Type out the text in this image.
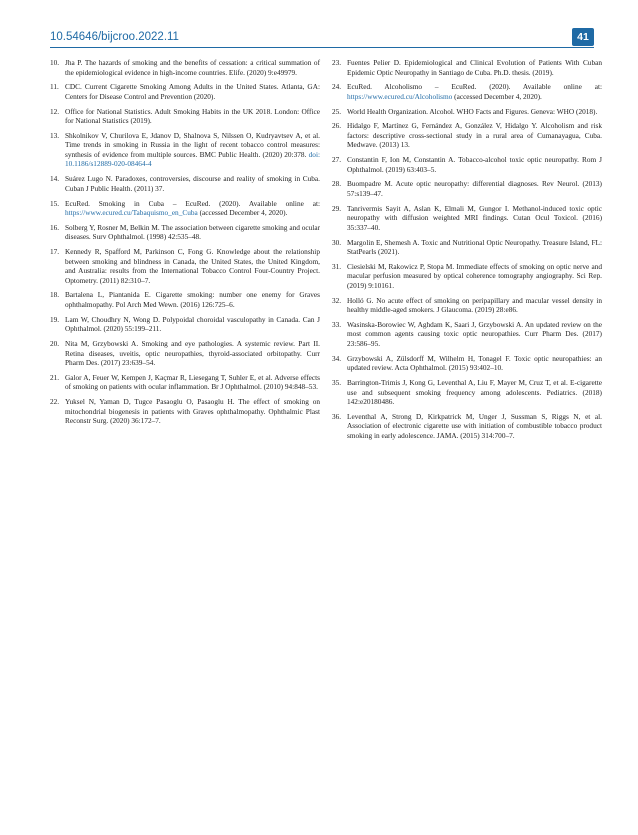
10.54646/bijcroo.2022.11	41
10. Jha P. The hazards of smoking and the benefits of cessation: a critical summation of the epidemiological evidence in high-income countries. Elife. (2020) 9:e49979.
11. CDC. Current Cigarette Smoking Among Adults in the United States. Atlanta, GA: Centers for Disease Control and Prevention (2020).
12. Office for National Statistics. Adult Smoking Habits in the UK 2018. London: Office for National Statistics (2019).
13. Shkolnikov V, Churilova E, Jdanov D, Shalnova S, Nilssen O, Kudryavtsev A, et al. Time trends in smoking in Russia in the light of recent tobacco control measures: synthesis of evidence from multiple sources. BMC Public Health. (2020) 20:378. doi: 10.1186/s12889-020-08464-4
14. Suárez Lugo N. Paradoxes, controversies, discourse and reality of smoking in Cuba. Cuban J Public Health. (2011) 37.
15. EcuRed. Smoking in Cuba – EcuRed. (2020). Available online at: https://www.ecured.cu/Tabaquismo_en_Cuba (accessed December 4, 2020).
16. Solberg Y, Rosner M, Belkin M. The association between cigarette smoking and ocular diseases. Surv Ophthalmol. (1998) 42:535–48.
17. Kennedy R, Spafford M, Parkinson C, Fong G. Knowledge about the relationship between smoking and blindness in Canada, the United States, the United Kingdom, and Australia: results from the International Tobacco Control Four-Country Project. Optometry. (2011) 82:310–7.
18. Bartalena L, Piantanida E. Cigarette smoking: number one enemy for Graves ophthalmopathy. Pol Arch Med Wewn. (2016) 126:725–6.
19. Lam W, Choudhry N, Wong D. Polypoidal choroidal vasculopathy in Canada. Can J Ophthalmol. (2020) 55:199–211.
20. Nita M, Grzybowski A. Smoking and eye pathologies. A systemic review. Part II. Retina diseases, uveitis, optic neuropathies, thyroid-associated orbitopathy. Curr Pharm Des. (2017) 23:639–54.
21. Galor A, Feuer W, Kempen J, Kaçmar R, Liesegang T, Suhler E, et al. Adverse effects of smoking on patients with ocular inflammation. Br J Ophthalmol. (2010) 94:848–53.
22. Yuksel N, Yaman D, Tugce Pasaoglu O, Pasaoglu H. The effect of smoking on mitochondrial biogenesis in patients with Graves ophthalmopathy. Ophthalmic Plast Reconstr Surg. (2020) 36:172–7.
23. Fuentes Pelier D. Epidemiological and Clinical Evolution of Patients With Cuban Epidemic Optic Neuropathy in Santiago de Cuba. Ph.D. thesis. (2019).
24. EcuRed. Alcoholismo – EcuRed. (2020). Available online at: https://www.ecured.cu/Alcoholismo (accessed December 4, 2020).
25. World Health Organization. Alcohol. WHO Facts and Figures. Geneva: WHO (2018).
26. Hidalgo F, Martínez G, Fernández A, González V, Hidalgo Y. Alcoholism and risk factors: descriptive cross-sectional study in a rural area of Cumanayagua, Cuba. Medwave. (2013) 13.
27. Constantin F, Ion M, Constantin A. Tobacco-alcohol toxic optic neuropathy. Rom J Ophthalmol. (2019) 63:403–5.
28. Buompadre M. Acute optic neuropathy: differential diagnoses. Rev Neurol. (2013) 57:s139–47.
29. Tanrivermis Sayit A, Aslan K, Elmali M, Gungor I. Methanol-induced toxic optic neuropathy with diffusion weighted MRI findings. Cutan Ocul Toxicol. (2016) 35:337–40.
30. Margolin E, Shemesh A. Toxic and Nutritional Optic Neuropathy. Treasure Island, FL: StatPearls (2021).
31. Ciesielski M, Rakowicz P, Stopa M. Immediate effects of smoking on optic nerve and macular perfusion measured by optical coherence tomography angiography. Sci Rep. (2019) 9:10161.
32. Holló G. No acute effect of smoking on peripapillary and macular vessel density in healthy middle-aged smokers. J Glaucoma. (2019) 28:e86.
33. Wasinska-Borowiec W, Aghdam K, Saari J, Grzybowski A. An updated review on the most common agents causing toxic optic neuropathies. Curr Pharm Des. (2017) 23:586–95.
34. Grzybowski A, Zülsdorff M, Wilhelm H, Tonagel F. Toxic optic neuropathies: an updated review. Acta Ophthalmol. (2015) 93:402–10.
35. Barrington-Trimis J, Kong G, Leventhal A, Liu F, Mayer M, Cruz T, et al. E-cigarette use and subsequent smoking frequency among adolescents. Pediatrics. (2018) 142:e20180486.
36. Leventhal A, Strong D, Kirkpatrick M, Unger J, Sussman S, Riggs N, et al. Association of electronic cigarette use with initiation of combustible tobacco product smoking in early adolescence. JAMA. (2015) 314:700–7.
